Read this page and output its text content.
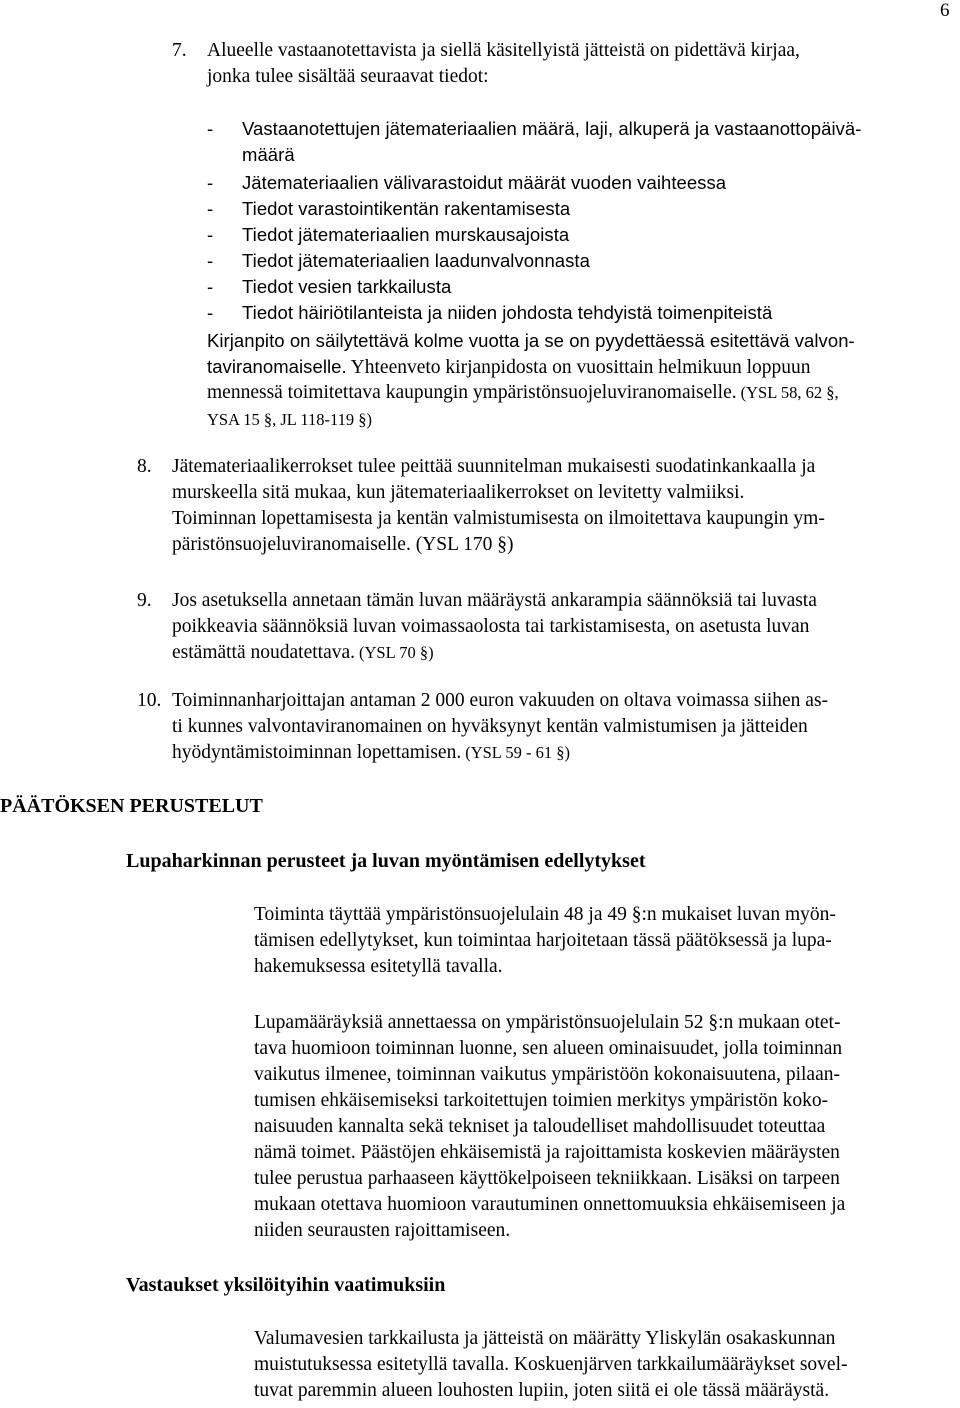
6
7. Alueelle vastaanotettavista ja siellä käsitellyistä jätteistä on pidettävä kirjaa,
jonka tulee sisältää seuraavat tiedot:
- Vastaanotettujen jätemateriaalien määrä, laji, alkuperä ja vastaanottopäivä-
määrä
- Jätemateriaalien välivarastoidut määrät vuoden vaihteessa
- Tiedot varastointikentän rakentamisesta
- Tiedot jätemateriaalien murskausajoista
- Tiedot jätemateriaalien laadunvalvonnasta
- Tiedot vesien tarkkailusta
- Tiedot häiriötilanteista ja niiden johdosta tehdyistä toimenpiteistä
Kirjanpito on säilytettävä kolme vuotta ja se on pyydettäessä esitettävä valvon-
taviranomaiselle. Yhteenveto kirjanpidosta on vuosittain helmikuun loppuun
mennessä toimitettava kaupungin ympäristönsuojeluviranomaiselle. (YSL 58, 62 §,
YSA 15 §, JL 118-119 §)
8. Jätemateriaalikerrokset tulee peittää suunnitelman mukaisesti suodatinkankaalla ja
murskeella sitä mukaa, kun jätemateriaalikerrokset on levitetty valmiiksi.
Toiminnan lopettamisesta ja kentän valmistumisesta on ilmoitettava kaupungin ym-
päristönsuojeluviranomaiselle. (YSL 170 §)
9. Jos asetuksella annetaan tämän luvan määräystä ankarampia säännöksiä tai luvasta
poikkeavia säännöksiä luvan voimassaolosta tai tarkistamisesta, on asetusta luvan
estämättä noudatettava. (YSL 70 §)
10. Toiminnanharjoittajan antaman 2 000 euron vakuuden on oltava voimassa siihen as-
ti kunnes valvontaviranomainen on hyväksynyt kentän valmistumisen ja jätteiden
hyödyntämistoiminnan lopettamisen. (YSL 59 - 61 §)
PÄÄTÖKSEN PERUSTELUT
Lupaharkinnan perusteet ja luvan myöntämisen edellytykset
Toiminta täyttää ympäristönsuojelulain 48 ja 49 §:n mukaiset luvan myön-
tämisen edellytykset, kun toimintaa harjoitetaan tässä päätöksessä ja lupa-
hakemuksessa esitetyllä tavalla.
Lupamääräyksiä annettaessa on ympäristönsuojelulain 52 §:n mukaan otet-
tava huomioon toiminnan luonne, sen alueen ominaisuudet, jolla toiminnan
vaikutus ilmenee, toiminnan vaikutus ympäristöön kokonaisuutena, pilaan-
tumisen ehkäisemiseksi tarkoitettujen toimien merkitys ympäristön koko-
naisuuden kannalta sekä tekniset ja taloudelliset mahdollisuudet toteuttaa
nämä toimet. Päästöjen ehkäisemistä ja rajoittamista koskevien määräysten
tulee perustua parhaaseen käyttökelpoiseen tekniikkaan. Lisäksi on tarpeen
mukaan otettava huomioon varautuminen onnettomuuksia ehkäisemiseen ja
niiden seurausten rajoittamiseen.
Vastaukset yksilöityihin vaatimuksiin
Valumavesien tarkkailusta ja jätteistä on määrätty Yliskylän osakaskunnan
muistutuksessa esitetyllä tavalla. Koskuenjärven tarkkailumääräykset sovel-
tuvat paremmin alueen louhosten lupiin, joten siitä ei ole tässä määräystä.
